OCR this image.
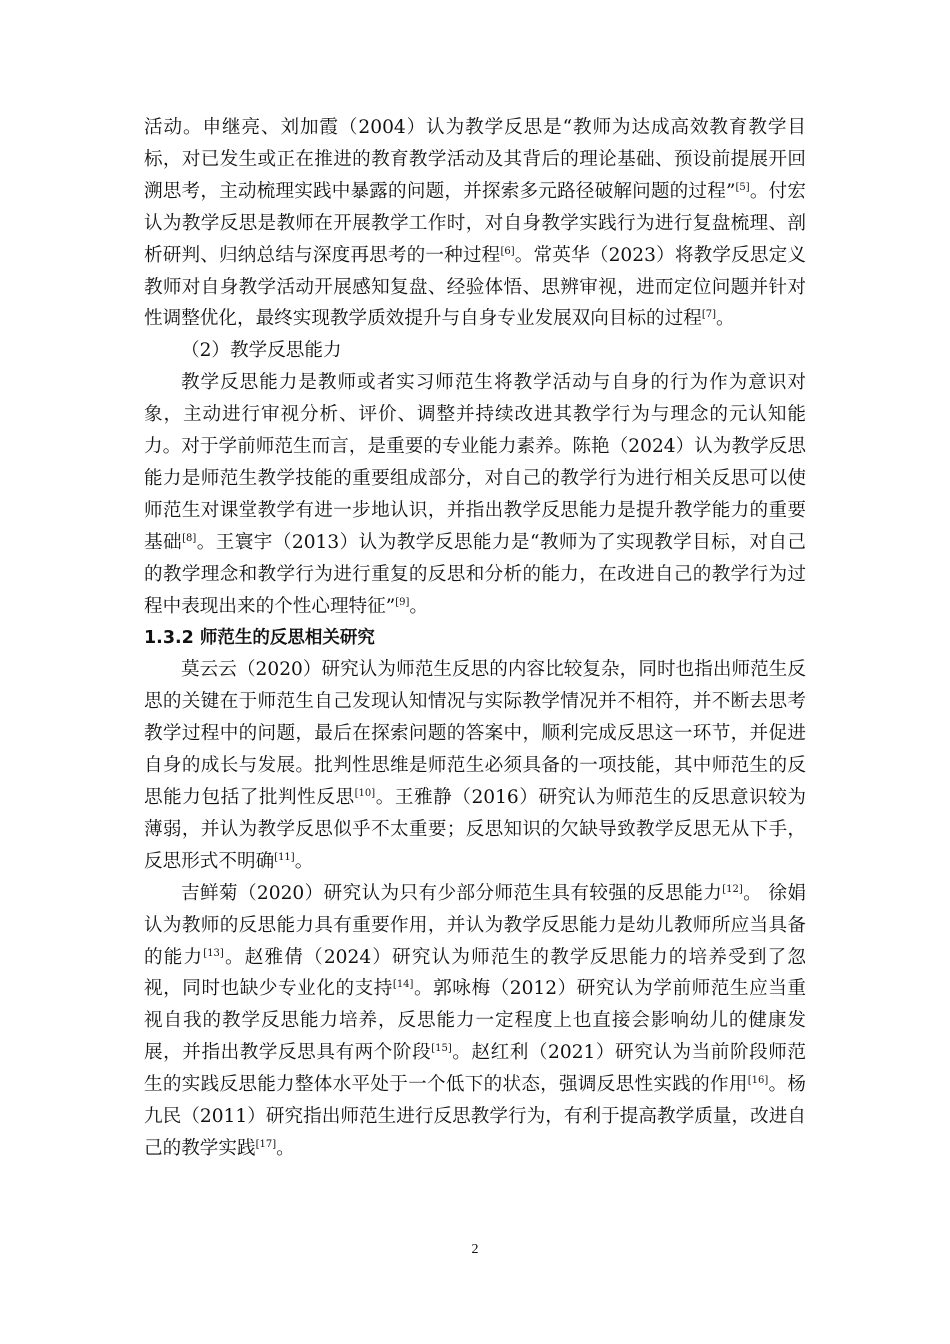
活动。申继亮、刘加霞（2004）认为教学反思是“教师为达成高效教育教学目标，对已发生或正在推进的教育教学活动及其背后的理论基础、预设前提展开回溯思考，主动梳理实践中暴露的问题，并探索多元路径破解问题的过程”[5]。付宏认为教学反思是教师在开展教学工作时，对自身教学实践行为进行复盘梳理、剖析研判、归纳总结与深度再思考的一种过程[6]。常英华（2023）将教学反思定义教师对自身教学活动开展感知复盘、经验体悟、思辨审视，进而定位问题并针对性调整优化，最终实现教学质效提升与自身专业发展双向目标的过程[7]。

（2）教学反思能力

教学反思能力是教师或者实习师范生将教学活动与自身的行为作为意识对象，主动进行审视分析、评价、调整并持续改进其教学行为与理念的元认知能力。对于学前师范生而言，是重要的专业能力素养。陈艳（2024）认为教学反思能力是师范生教学技能的重要组成部分，对自己的教学行为进行相关反思可以使师范生对课堂教学有进一步地认识，并指出教学反思能力是提升教学能力的重要基础[8]。王寰宇（2013）认为教学反思能力是“教师为了实现教学目标，对自己的教学理念和教学行为进行重复的反思和分析的能力，在改进自己的教学行为过程中表现出来的个性心理特征”[9]。

1.3.2 师范生的反思相关研究

莫云云（2020）研究认为师范生反思的内容比较复杂，同时也指出师范生反思的关键在于师范生自己发现认知情况与实际教学情况并不相符，并不断去思考教学过程中的问题，最后在探索问题的答案中，顺利完成反思这一环节，并促进自身的成长与发展。批判性思维是师范生必须具备的一项技能，其中师范生的反思能力包括了批判性反思[10]。王雅静（2016）研究认为师范生的反思意识较为薄弱，并认为教学反思似乎不太重要；反思知识的欠缺导致教学反思无从下手，反思形式不明确[11]。

吉鲜菊（2020）研究认为只有少部分师范生具有较强的反思能力[12]。 徐娟认为教师的反思能力具有重要作用，并认为教学反思能力是幼儿教师所应当具备的能力[13]。赵雅倩（2024）研究认为师范生的教学反思能力的培养受到了忽视，同时也缺少专业化的支持[14]。郭咏梅（2012）研究认为学前师范生应当重视自我的教学反思能力培养，反思能力一定程度上也直接会影响幼儿的健康发展，并指出教学反思具有两个阶段[15]。赵红利（2021）研究认为当前阶段师范生的实践反思能力整体水平处于一个低下的状态，强调反思性实践的作用[16]。杨九民（2011）研究指出师范生进行反思教学行为，有利于提高教学质量，改进自己的教学实践[17]。

2
